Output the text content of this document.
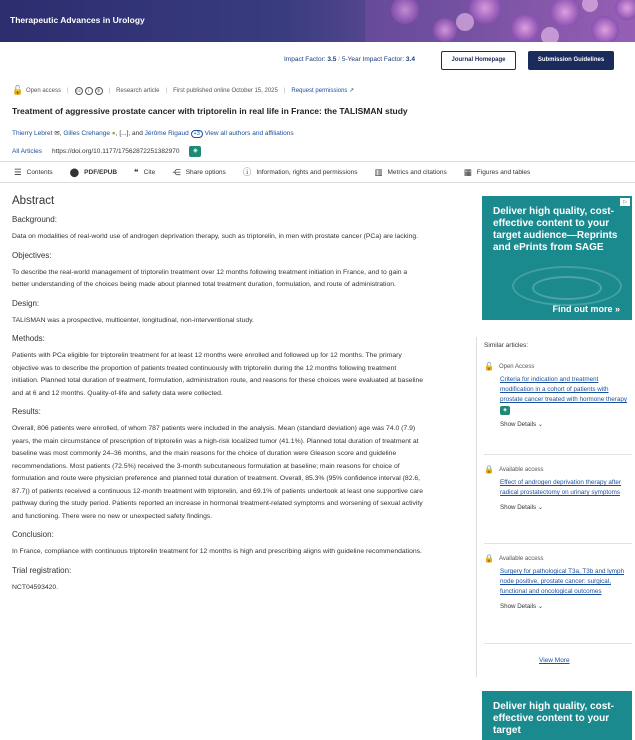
Therapeutic Advances in Urology
Impact Factor: 3.5 / 5-Year Impact Factor: 3.4	Journal Homepage	Submission Guidelines
🔓 Open access |	cc	i	$	| Research article | First published online October 15, 2025 | Request permissions ↗
Treatment of aggressive prostate cancer with triptorelin in real life in France: the TALISMAN study
Thierry Lebret ✉, Gilles Crehange ●, [...], and Jérôme Rigaud +3 View all authors and affiliations
All Articles https://doi.org/10.1177/17562872251382970	◈
☰ Contents ⬤ PDF/EPUB ❝ Cite ⋲ Share options ⓘ Information, rights and permissions ▥ Metrics and citations ▦ Figures and tables
Abstract
Background:
Data on modalities of real-world use of androgen deprivation therapy, such as triptorelin, in men with prostate cancer (PCa) are lacking.
Objectives:
To describe the real-world management of triptorelin treatment over 12 months following treatment initiation in France, and to gain a better understanding of the choices being made about planned total treatment duration, formulation, and route of administration.
Design:
TALISMAN was a prospective, multicenter, longitudinal, non-interventional study.
Methods:
Patients with PCa eligible for triptorelin treatment for at least 12 months were enrolled and followed up for 12 months. The primary objective was to describe the proportion of patients treated continuously with triptorelin during the 12 months following treatment initiation. Planned total duration of treatment, formulation, administration route, and reasons for these choices were evaluated at baseline and at 6 and 12 months. Quality-of-life and safety data were collected.
Results:
Overall, 806 patients were enrolled, of whom 787 patients were included in the analysis. Mean (standard deviation) age was 74.0 (7.9) years, the main circumstance of prescription of triptorelin was a high-risk localized tumor (41.1%). Planned total duration of treatment at baseline was most commonly 24–36 months, and the main reasons for the choice of duration were Gleason score and guideline recommendations. Most patients (72.5%) received the 3-month subcutaneous formulation at baseline; main reasons for choice of formulation and route were physician preference and planned total duration of treatment. Overall, 85.3% (95% confidence interval (82.6, 87.7)) of patients received a continuous 12-month treatment with triptorelin, and 69.1% of patients undertook at least one supportive care pathway during the study period. Patients reported an increase in hormonal treatment-related symptoms and worsening of sexual activity and functioning. There were no new or unexpected safety findings.
Conclusion:
In France, compliance with continuous triptorelin treatment for 12 months is high and prescribing aligns with guideline recommendations.
Trial registration:
NCT04593420.
▷
Deliver high quality, cost-effective content to your target audience—Reprints and ePrints from SAGE
Find out more »
Similar articles:
🔓 Open Access
Criteria for indication and treatment modification in a cohort of patients with prostate cancer treated with hormone therapy ◈
Show Details ⌄
🔒 Available access
Effect of androgen deprivation therapy after radical prostatectomy on urinary symptoms
Show Details ⌄
🔒 Available access
Surgery for pathological T3a, T3b and lymph node positive, prostate cancer: surgical, functional and oncological outcomes
Show Details ⌄
View More
Deliver high quality, cost-effective content to your target
